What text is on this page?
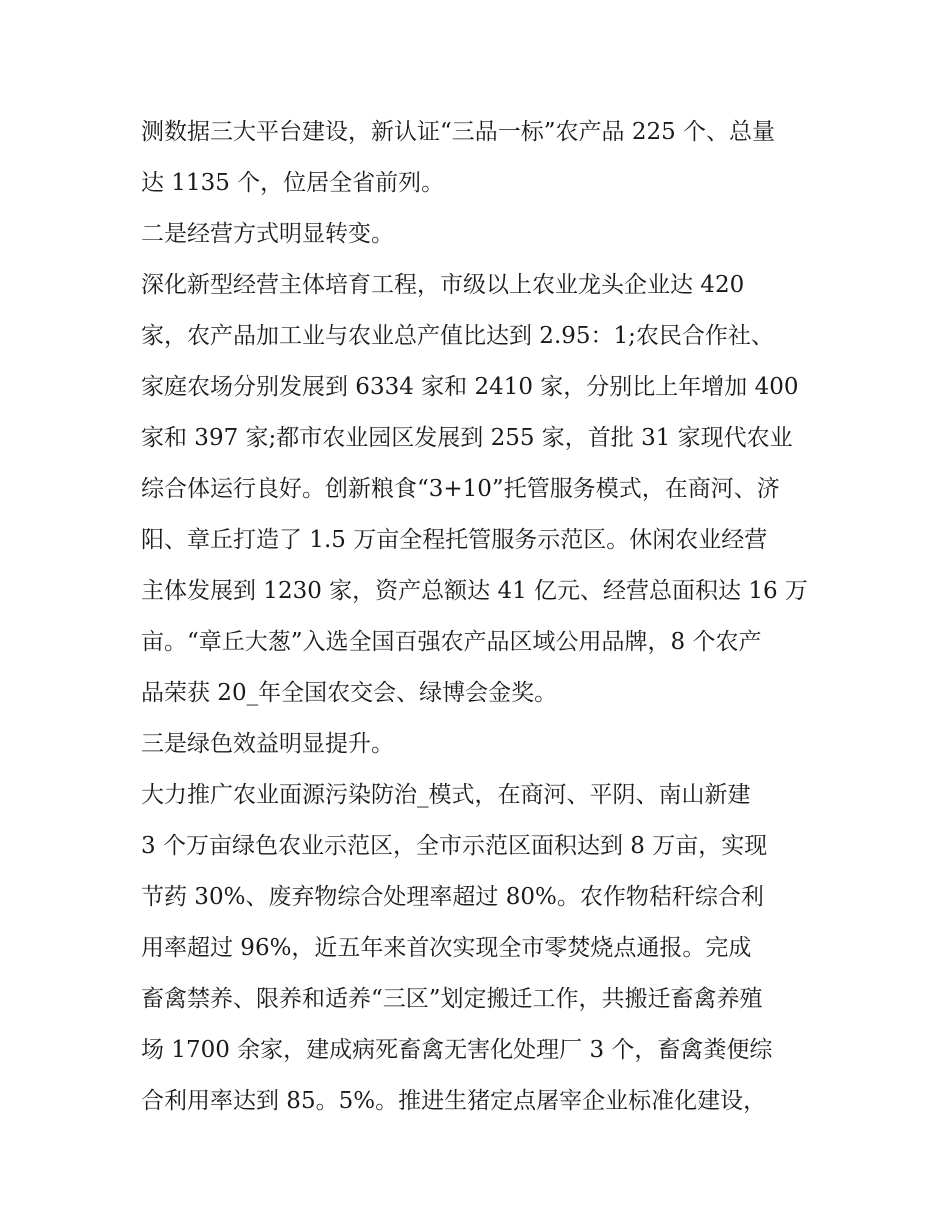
测数据三大平台建设，新认证“三品一标”农产品 225 个、总量
达 1135 个，位居全省前列。
二是经营方式明显转变。
深化新型经营主体培育工程，市级以上农业龙头企业达 420
家，农产品加工业与农业总产值比达到 2.95：1;农民合作社、
家庭农场分别发展到 6334 家和 2410 家，分别比上年增加 400
家和 397 家;都市农业园区发展到 255 家，首批 31 家现代农业
综合体运行良好。创新粮食“3+10”托管服务模式，在商河、济
阳、章丘打造了 1.5 万亩全程托管服务示范区。休闲农业经营
主体发展到 1230 家，资产总额达 41 亿元、经营总面积达 16 万
亩。“章丘大葱”入选全国百强农产品区域公用品牌，8 个农产
品荣获 20_年全国农交会、绿博会金奖。
三是绿色效益明显提升。
大力推广农业面源污染防治_模式，在商河、平阴、南山新建
3 个万亩绿色农业示范区，全市示范区面积达到 8 万亩，实现
节药 30%、废弃物综合处理率超过 80%。农作物秸秆综合利
用率超过 96%，近五年来首次实现全市零焚烧点通报。完成
畜禽禁养、限养和适养“三区”划定搬迁工作，共搬迁畜禽养殖
场 1700 余家，建成病死畜禽无害化处理厂 3 个，畜禽粪便综
合利用率达到 85。5%。推进生猪定点屠宰企业标准化建设，
